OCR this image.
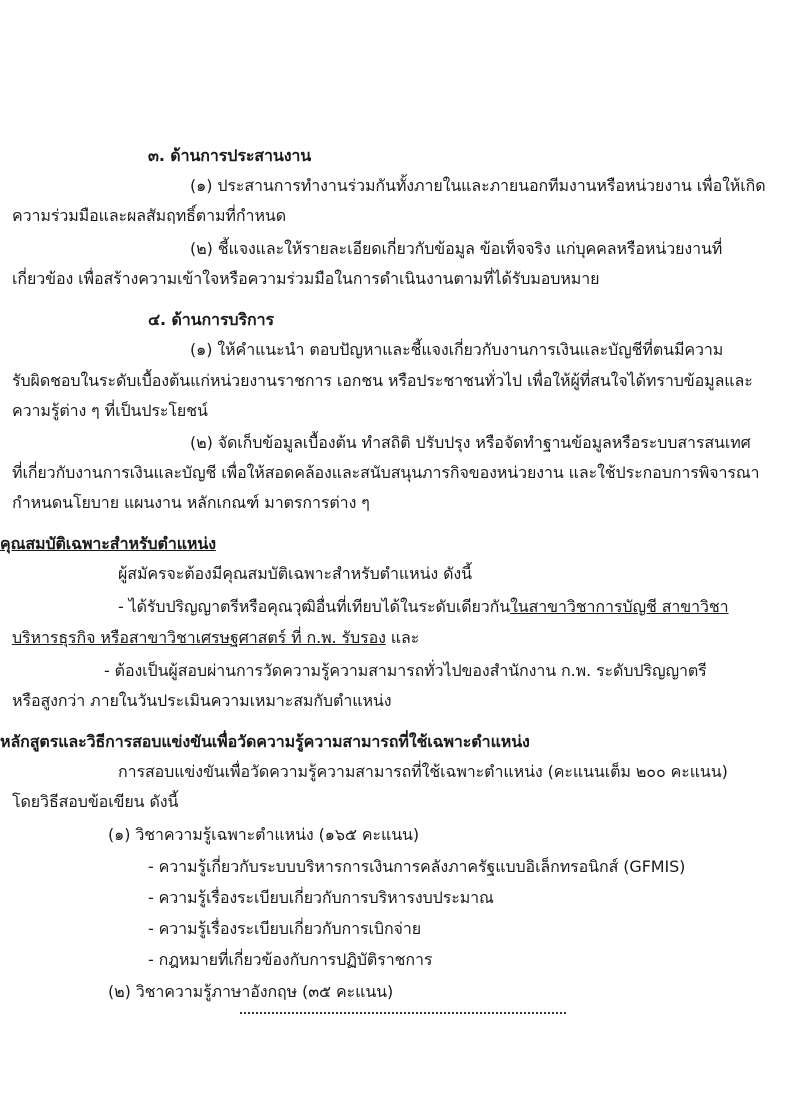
๓. ด้านการประสานงาน
(๑) ประสานการทำงานร่วมกันทั้งภายในและภายนอกทีมงานหรือหน่วยงาน เพื่อให้เกิด
ความร่วมมือและผลสัมฤทธิ์ตามที่กำหนด
(๒) ชี้แจงและให้รายละเอียดเกี่ยวกับข้อมูล ข้อเท็จจริง แก่บุคคลหรือหน่วยงานที่
เกี่ยวข้อง เพื่อสร้างความเข้าใจหรือความร่วมมือในการดำเนินงานตามที่ได้รับมอบหมาย
๔. ด้านการบริการ
(๑) ให้คำแนะนำ ตอบปัญหาและชี้แจงเกี่ยวกับงานการเงินและบัญชีที่ตนมีความ
รับผิดชอบในระดับเบื้องต้นแก่หน่วยงานราชการ เอกชน หรือประชาชนทั่วไป เพื่อให้ผู้ที่สนใจได้ทราบข้อมูลและ
ความรู้ต่าง ๆ ที่เป็นประโยชน์
(๒) จัดเก็บข้อมูลเบื้องต้น ทำสถิติ ปรับปรุง หรือจัดทำฐานข้อมูลหรือระบบสารสนเทศ
ที่เกี่ยวกับงานการเงินและบัญชี เพื่อให้สอดคล้องและสนับสนุนภารกิจของหน่วยงาน และใช้ประกอบการพิจารณา
กำหนดนโยบาย แผนงาน หลักเกณฑ์ มาตรการต่าง ๆ
คุณสมบัติเฉพาะสำหรับตำแหน่ง
ผู้สมัครจะต้องมีคุณสมบัติเฉพาะสำหรับตำแหน่ง ดังนี้
- ได้รับปริญญาตรีหรือคุณวุฒิอื่นที่เทียบได้ในระดับเดียวกันในสาขาวิชาการบัญชี สาขาวิชา
บริหารธุรกิจ หรือสาขาวิชาเศรษฐศาสตร์ ที่ ก.พ. รับรอง และ
- ต้องเป็นผู้สอบผ่านการวัดความรู้ความสามารถทั่วไปของสำนักงาน ก.พ. ระดับปริญญาตรี
หรือสูงกว่า ภายในวันประเมินความเหมาะสมกับตำแหน่ง
หลักสูตรและวิธีการสอบแข่งขันเพื่อวัดความรู้ความสามารถที่ใช้เฉพาะตำแหน่ง
การสอบแข่งขันเพื่อวัดความรู้ความสามารถที่ใช้เฉพาะตำแหน่ง (คะแนนเต็ม ๒๐๐ คะแนน)
โดยวิธีสอบข้อเขียน ดังนี้
(๑) วิชาความรู้เฉพาะตำแหน่ง (๑๖๕ คะแนน)
- ความรู้เกี่ยวกับระบบบริหารการเงินการคลังภาครัฐแบบอิเล็กทรอนิกส์ (GFMIS)
- ความรู้เรื่องระเบียบเกี่ยวกับการบริหารงบประมาณ
- ความรู้เรื่องระเบียบเกี่ยวกับการเบิกจ่าย
- กฎหมายที่เกี่ยวข้องกับการปฏิบัติราชการ
(๒) วิชาความรู้ภาษาอังกฤษ (๓๕ คะแนน)
